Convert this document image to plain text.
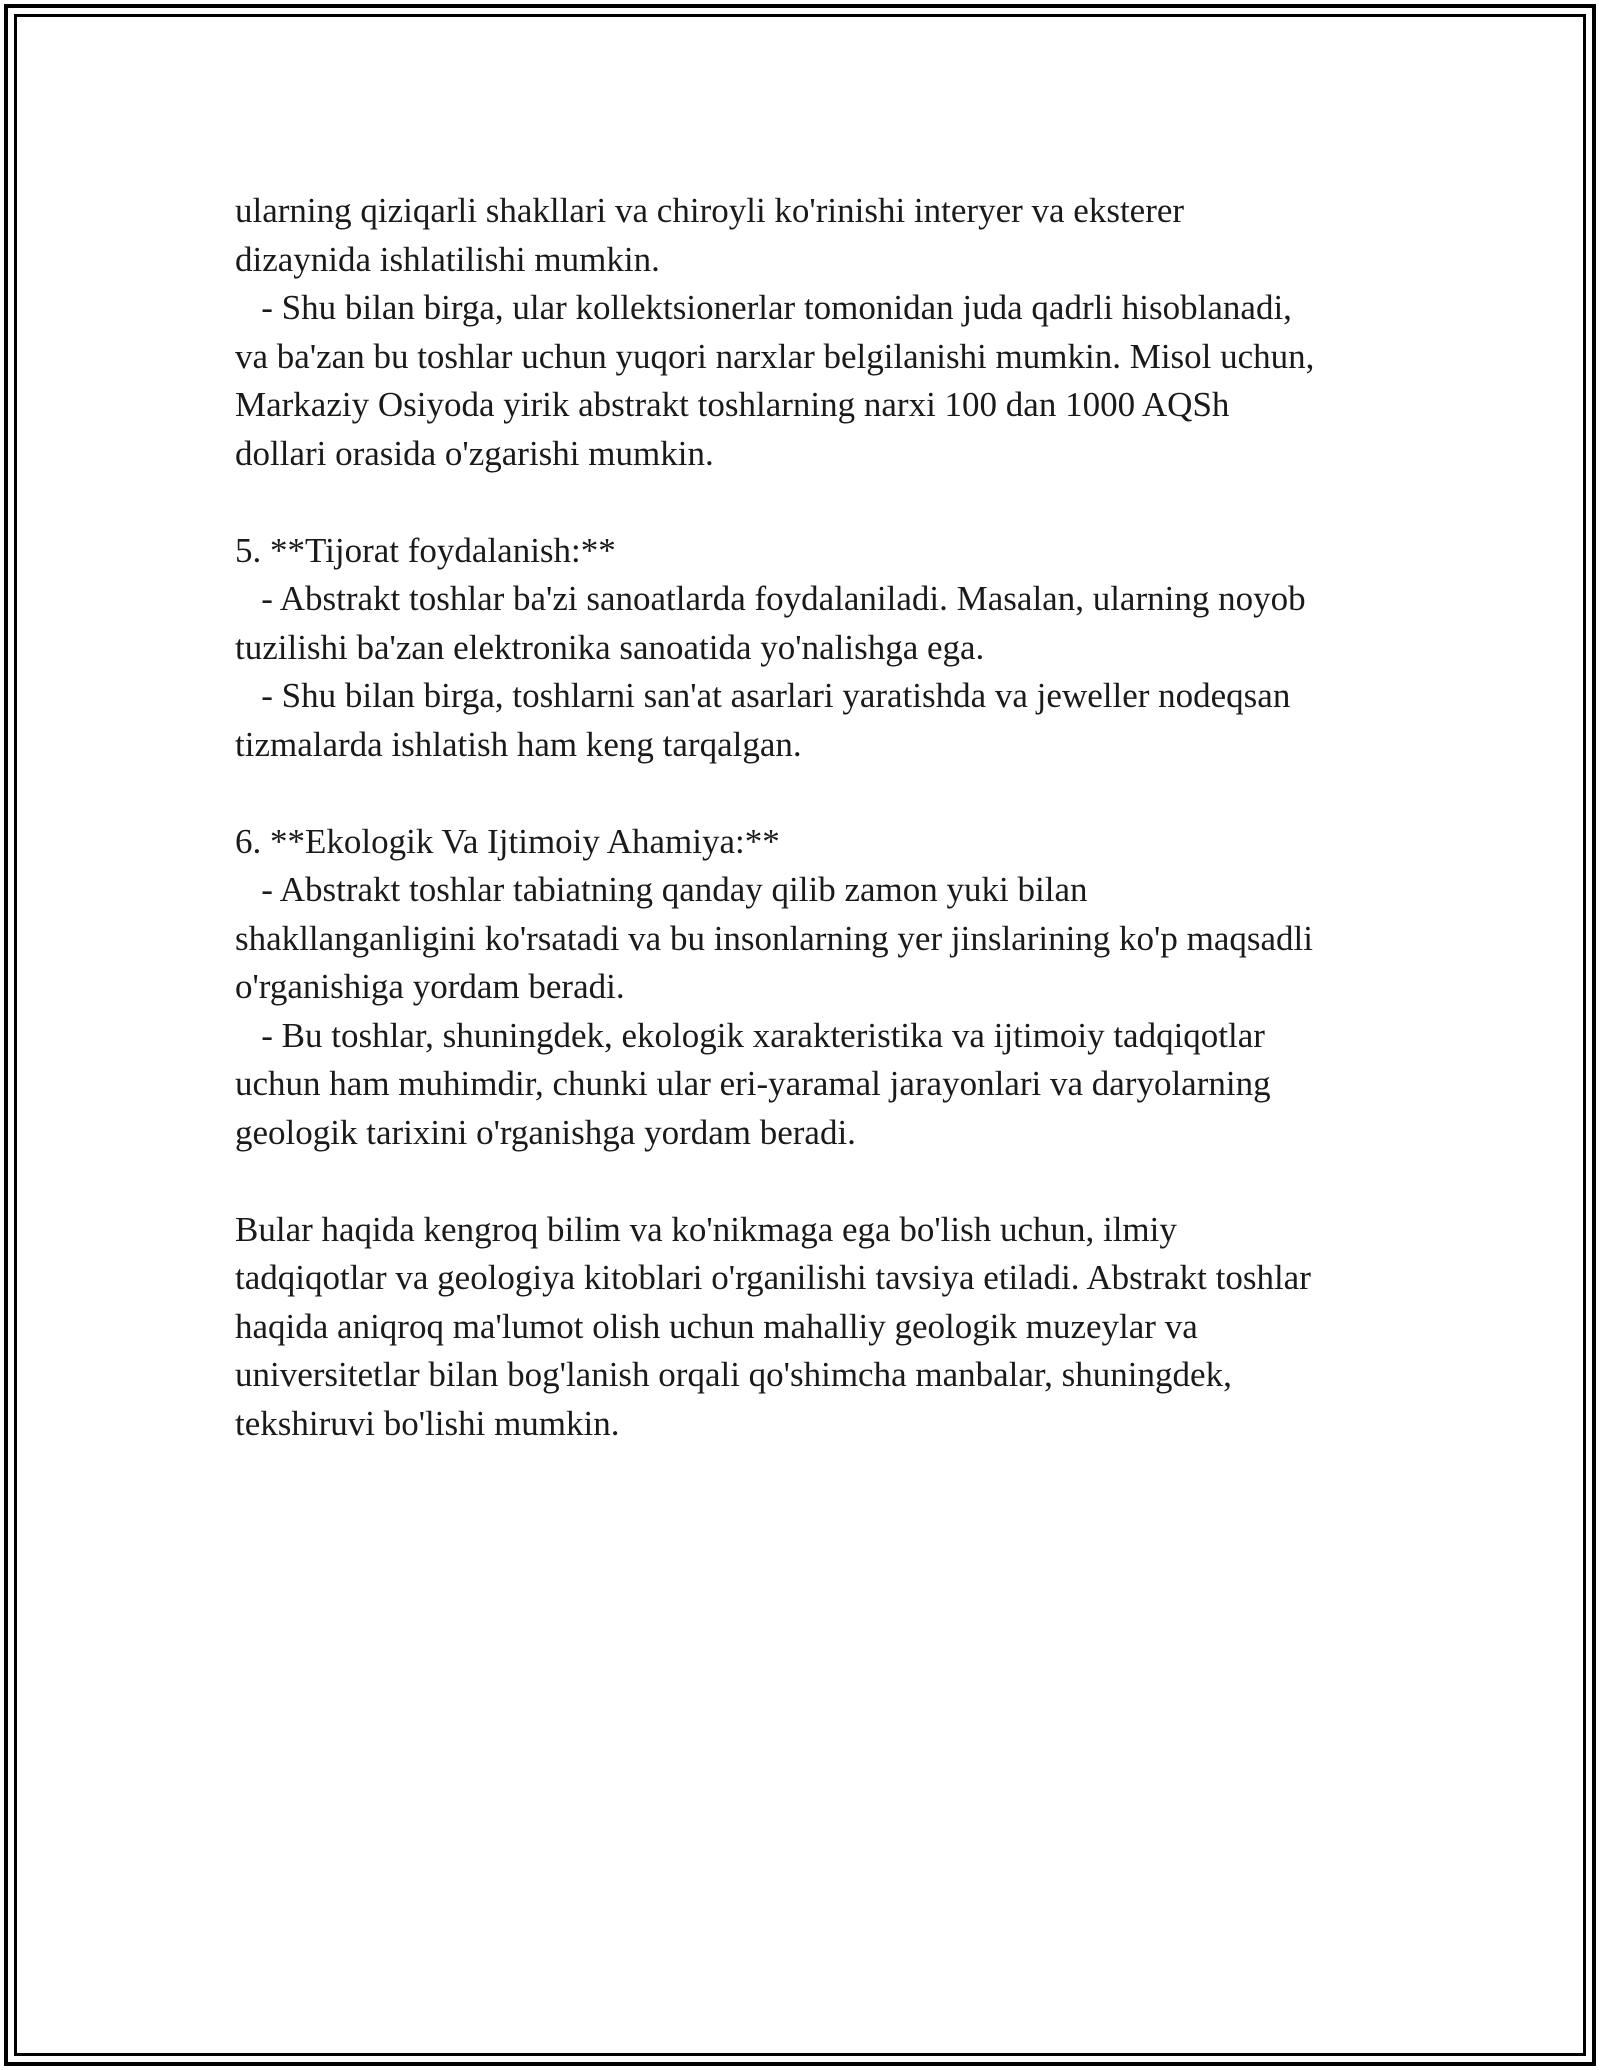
ularning qiziqarli shakllari va chiroyli ko'rinishi interyer va eksterer
dizaynida ishlatilishi mumkin.
- Shu bilan birga, ular kollektsionerlar tomonidan juda qadrli hisoblanadi,
va ba'zan bu toshlar uchun yuqori narxlar belgilanishi mumkin. Misol uchun,
Markaziy Osiyoda yirik abstrakt toshlarning narxi 100 dan 1000 AQSh
dollari orasida o'zgarishi mumkin.
5. **Tijorat foydalanish:**
- Abstrakt toshlar ba'zi sanoatlarda foydalaniladi. Masalan, ularning noyob
tuzilishi ba'zan elektronika sanoatida yo'nalishga ega.
- Shu bilan birga, toshlarni san'at asarlari yaratishda va jeweller nodeqsan
tizmalarda ishlatish ham keng tarqalgan.
6. **Ekologik Va Ijtimoiy Ahamiya:**
- Abstrakt toshlar tabiatning qanday qilib zamon yuki bilan
shakllanganligini ko'rsatadi va bu insonlarning yer jinslarining ko'p maqsadli
o'rganishiga yordam beradi.
- Bu toshlar, shuningdek, ekologik xarakteristika va ijtimoiy tadqiqotlar
uchun ham muhimdir, chunki ular eri-yaramal jarayonlari va daryolarning
geologik tarixini o'rganishga yordam beradi.
Bular haqida kengroq bilim va ko'nikmaga ega bo'lish uchun, ilmiy
tadqiqotlar va geologiya kitoblari o'rganilishi tavsiya etiladi. Abstrakt toshlar
haqida aniqroq ma'lumot olish uchun mahalliy geologik muzeylar va
universitetlar bilan bog'lanish orqali qo'shimcha manbalar, shuningdek,
tekshiruvi bo'lishi mumkin.
